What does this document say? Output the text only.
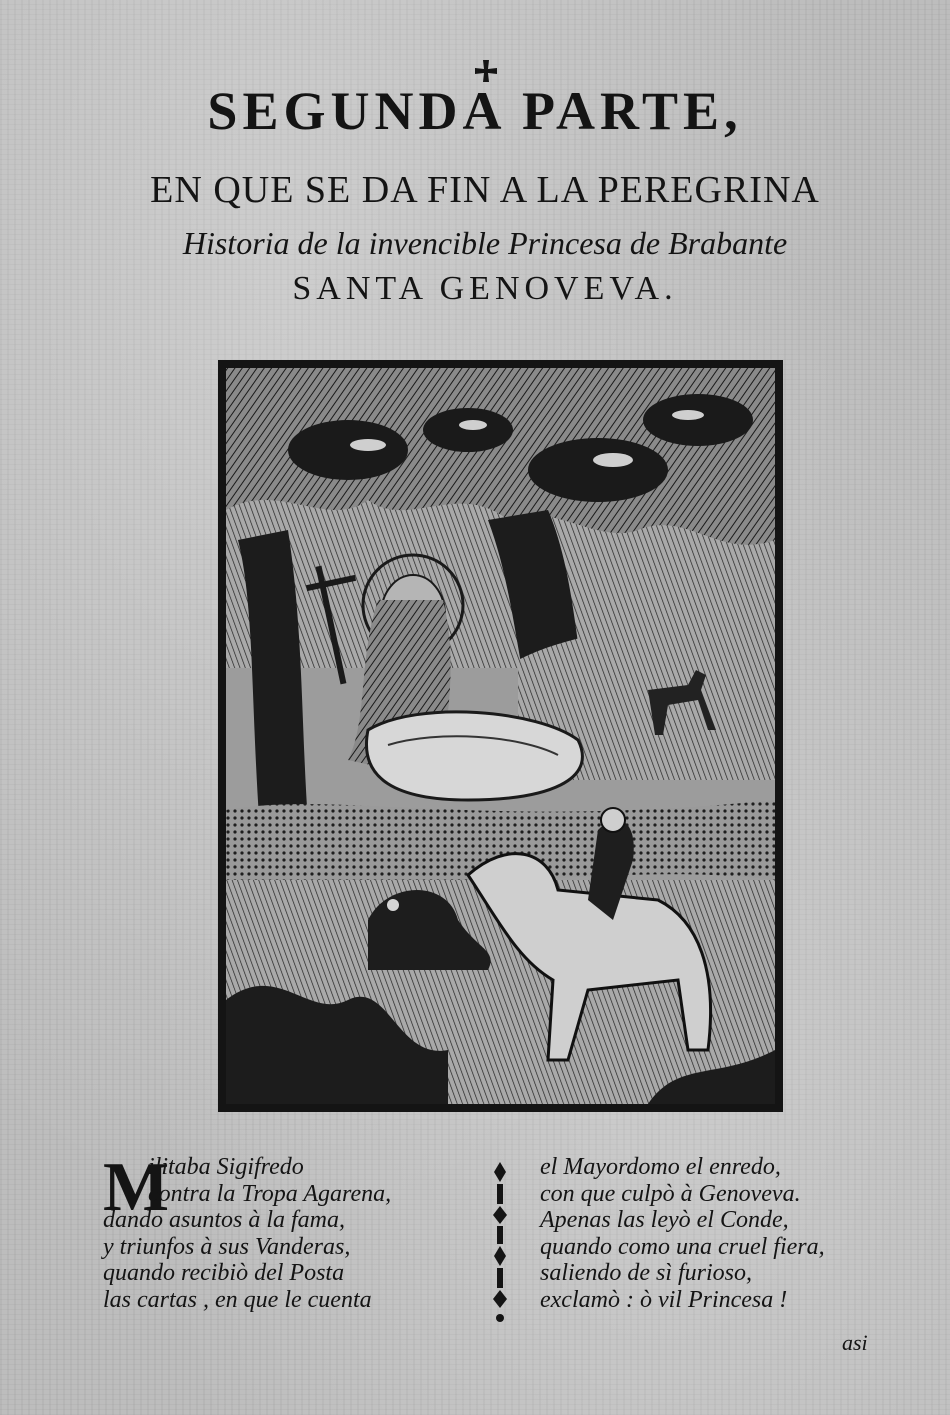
SEGUNDA PARTE,
EN QUE SE DA FIN A LA PEREGRINA
Historia de la invencible Princesa de Brabante
SANTA GENOVEVA.
M
ilitaba Sigifredo
contra la Tropa Agarena,
dando asuntos à la fama,
y triunfos à sus Vanderas,
quando recibiò del Posta
las cartas , en que le cuenta
el Mayordomo el enredo,
con que culpò à Genoveva.
Apenas las leyò el Conde,
quando como una cruel fiera,
saliendo de sì furioso,
exclamò : ò vil Princesa !
asi
